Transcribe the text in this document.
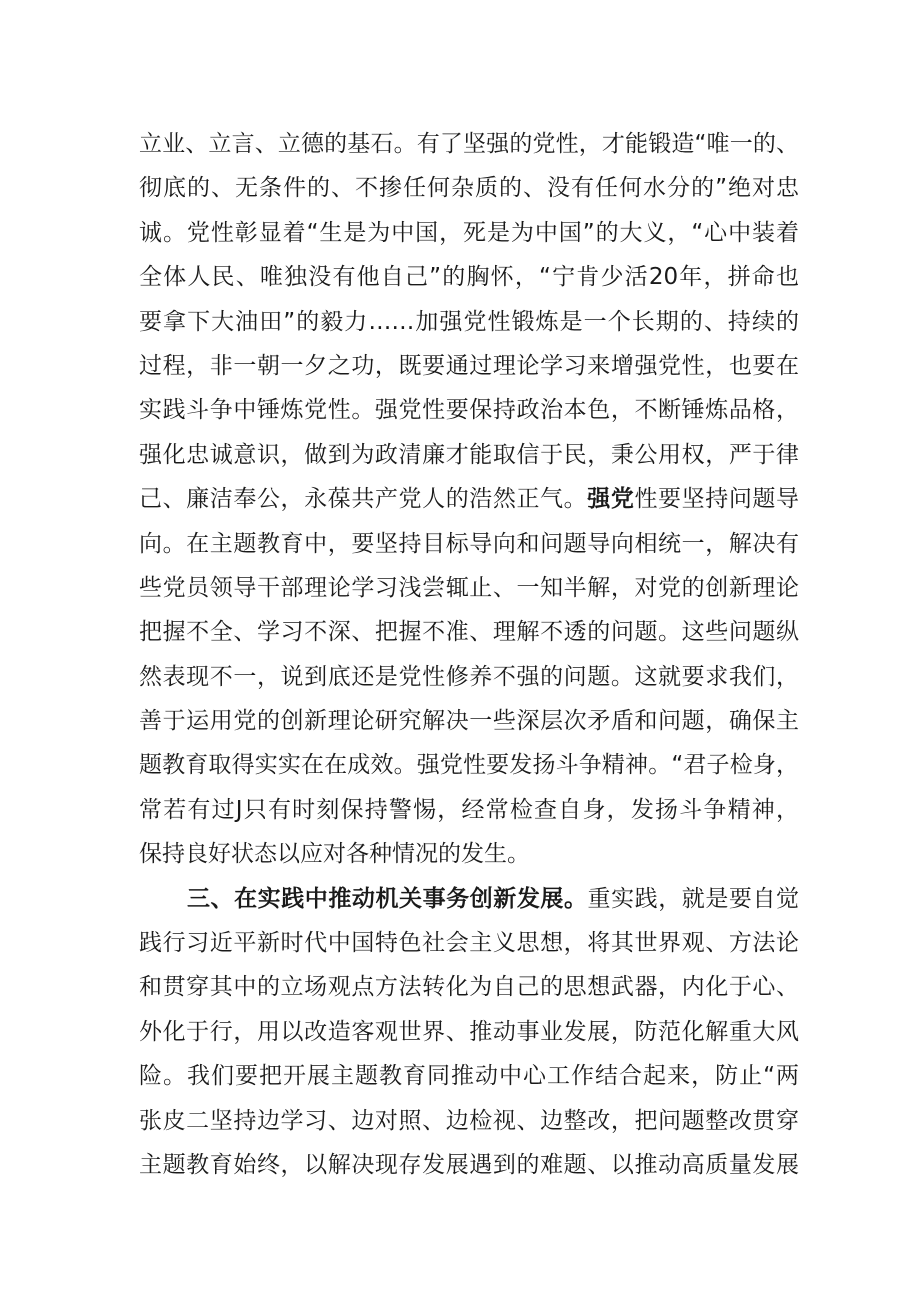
立业、立言、立德的基石。有了坚强的党性，才能锻造“唯一的、
彻底的、无条件的、不掺任何杂质的、没有任何水分的”绝对忠
诚。党性彰显着“生是为中国，死是为中国”的大义，“心中装着
全体人民、唯独没有他自己”的胸怀，“宁肯少活20年，拼命也
要拿下大油田”的毅力……加强党性锻炼是一个长期的、持续的
过程，非一朝一夕之功，既要通过理论学习来增强党性，也要在
实践斗争中锤炼党性。强党性要保持政治本色，不断锤炼品格，
强化忠诚意识，做到为政清廉才能取信于民，秉公用权，严于律
己、廉洁奉公，永葆共产党人的浩然正气。强党性要坚持问题导
向。在主题教育中，要坚持目标导向和问题导向相统一，解决有
些党员领导干部理论学习浅尝辄止、一知半解，对党的创新理论
把握不全、学习不深、把握不准、理解不透的问题。这些问题纵
然表现不一，说到底还是党性修养不强的问题。这就要求我们，
善于运用党的创新理论研究解决一些深层次矛盾和问题，确保主
题教育取得实实在在成效。强党性要发扬斗争精神。“君子检身，
常若有过J只有时刻保持警惕，经常检查自身，发扬斗争精神，
保持良好状态以应对各种情况的发生。
三、在实践中推动机关事务创新发展。重实践，就是要自觉
践行习近平新时代中国特色社会主义思想，将其世界观、方法论
和贯穿其中的立场观点方法转化为自己的思想武器，内化于心、
外化于行，用以改造客观世界、推动事业发展，防范化解重大风
险。我们要把开展主题教育同推动中心工作结合起来，防止“两
张皮二坚持边学习、边对照、边检视、边整改，把问题整改贯穿
主题教育始终，以解决现存发展遇到的难题、以推动高质量发展
